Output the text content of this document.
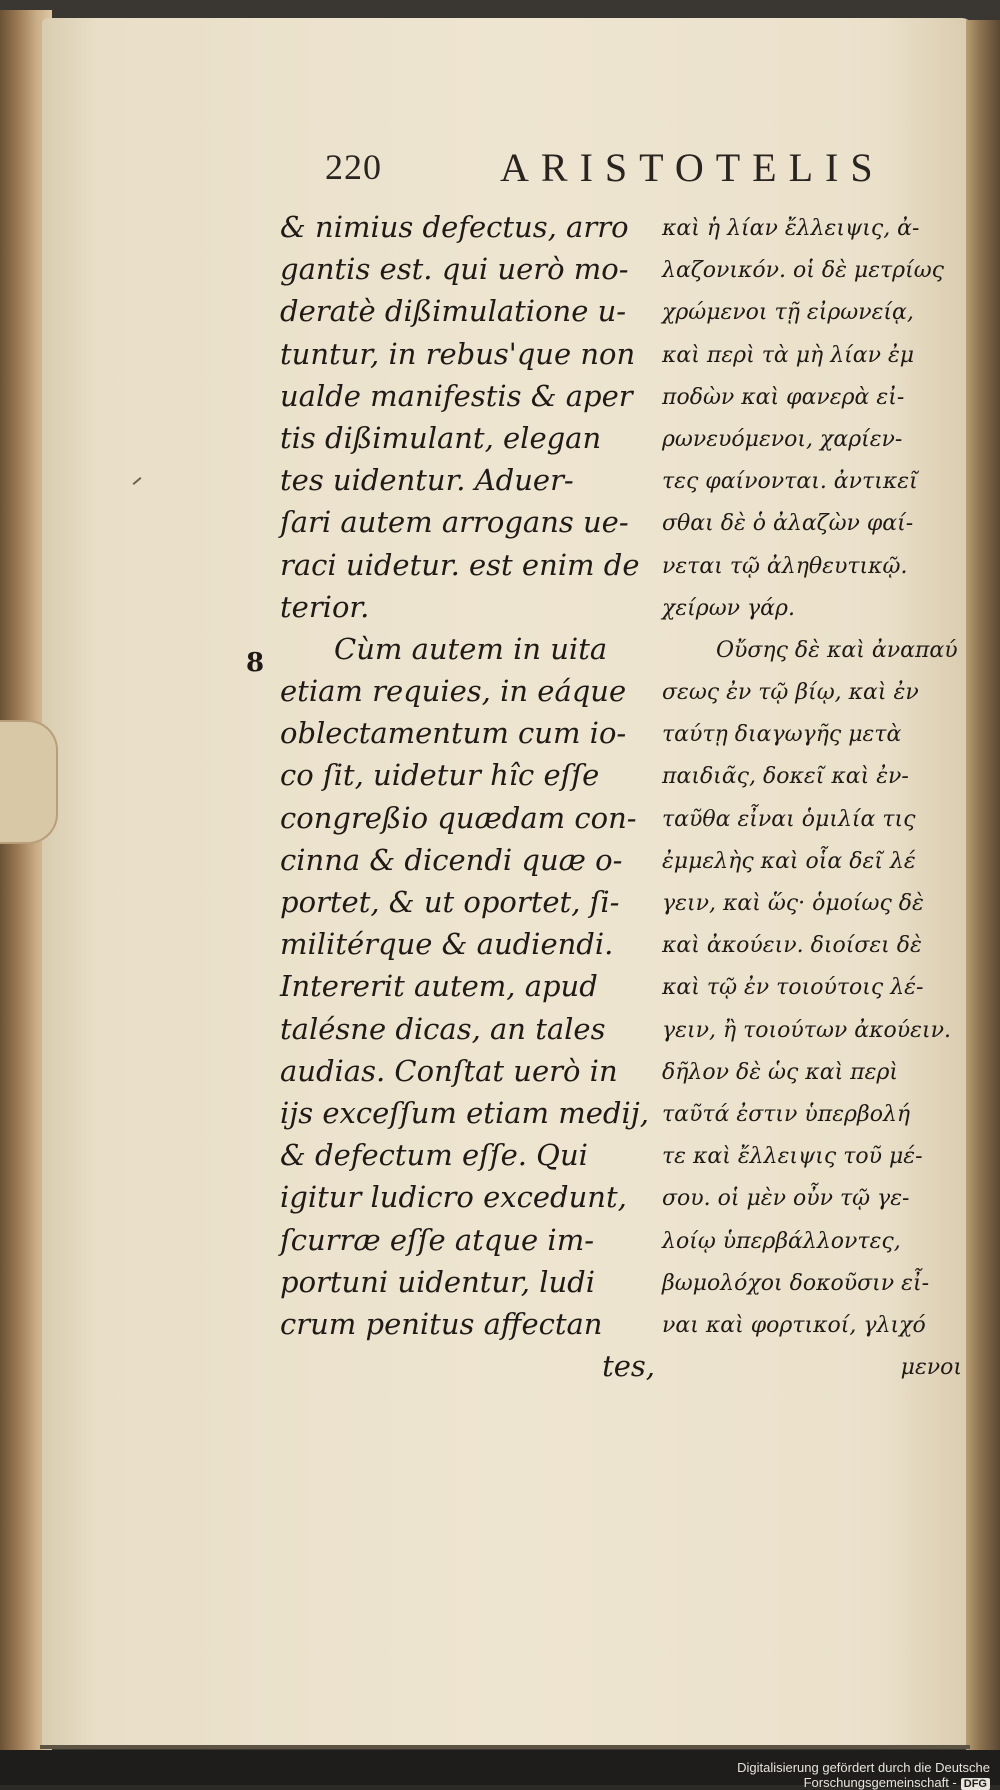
220	ARISTOTELIS
8
& nimius defectus, arro
gantis est. qui uerò mo-
deratè dißimulatione u-
tuntur, in rebus'que non
ualde manifestis & aper
tis dißimulant, elegan
tes uidentur. Aduer-
ſari autem arrogans ue-
raci uidetur. est enim de
terior.
Cùm autem in uita
etiam requies, in eáque
oblectamentum cum io-
co ſit, uidetur hîc eſſe
congreßio quædam con-
cinna & dicendi quæ o-
portet, & ut oportet, ſi-
militérque & audiendi.
Intererit autem, apud
talésne dicas, an tales
audias. Conſtat uerò in
ijs exceſſum etiam medij,
& defectum eſſe. Qui
igitur ludicro excedunt,
ſcurræ eſſe atque im-
portuni uidentur, ludi
crum penitus affectan
tes,
καὶ ἡ λίαν ἔλλειψις, ἀ-
λαζονικόν. οἱ δὲ μετρίως
χρώμενοι τῇ εἰρωνείᾳ,
καὶ περὶ τὰ μὴ λίαν ἐμ
ποδὼν καὶ φανερὰ εἰ-
ρωνευόμενοι, χαρίεν-
τες φαίνονται. ἀντικεῖ
σθαι δὲ ὁ ἀλαζὼν φαί-
νεται τῷ ἀληθευτικῷ.
χείρων γάρ.
Οὔσης δὲ καὶ ἀναπαύ
σεως ἐν τῷ βίῳ, καὶ ἐν
ταύτῃ διαγωγῆς μετὰ
παιδιᾶς, δοκεῖ καὶ ἐν-
ταῦθα εἶναι ὁμιλία τις
ἐμμελὴς καὶ οἷα δεῖ λέ
γειν, καὶ ὥς· ὁμοίως δὲ
καὶ ἀκούειν. διοίσει δὲ
καὶ τῷ ἐν τοιούτοις λέ-
γειν, ἢ τοιούτων ἀκούειν.
δῆλον δὲ ὡς καὶ περὶ
ταῦτά ἐστιν ὑπερβολή
τε καὶ ἔλλειψις τοῦ μέ-
σου. οἱ μὲν οὖν τῷ γε-
λοίῳ ὑπερβάλλοντες,
βωμολόχοι δοκοῦσιν εἶ-
ναι καὶ φορτικοί, γλιχό
μενοι
Digitalisierung gefördert durch die Deutsche Forschungsgemeinschaft - DFG
